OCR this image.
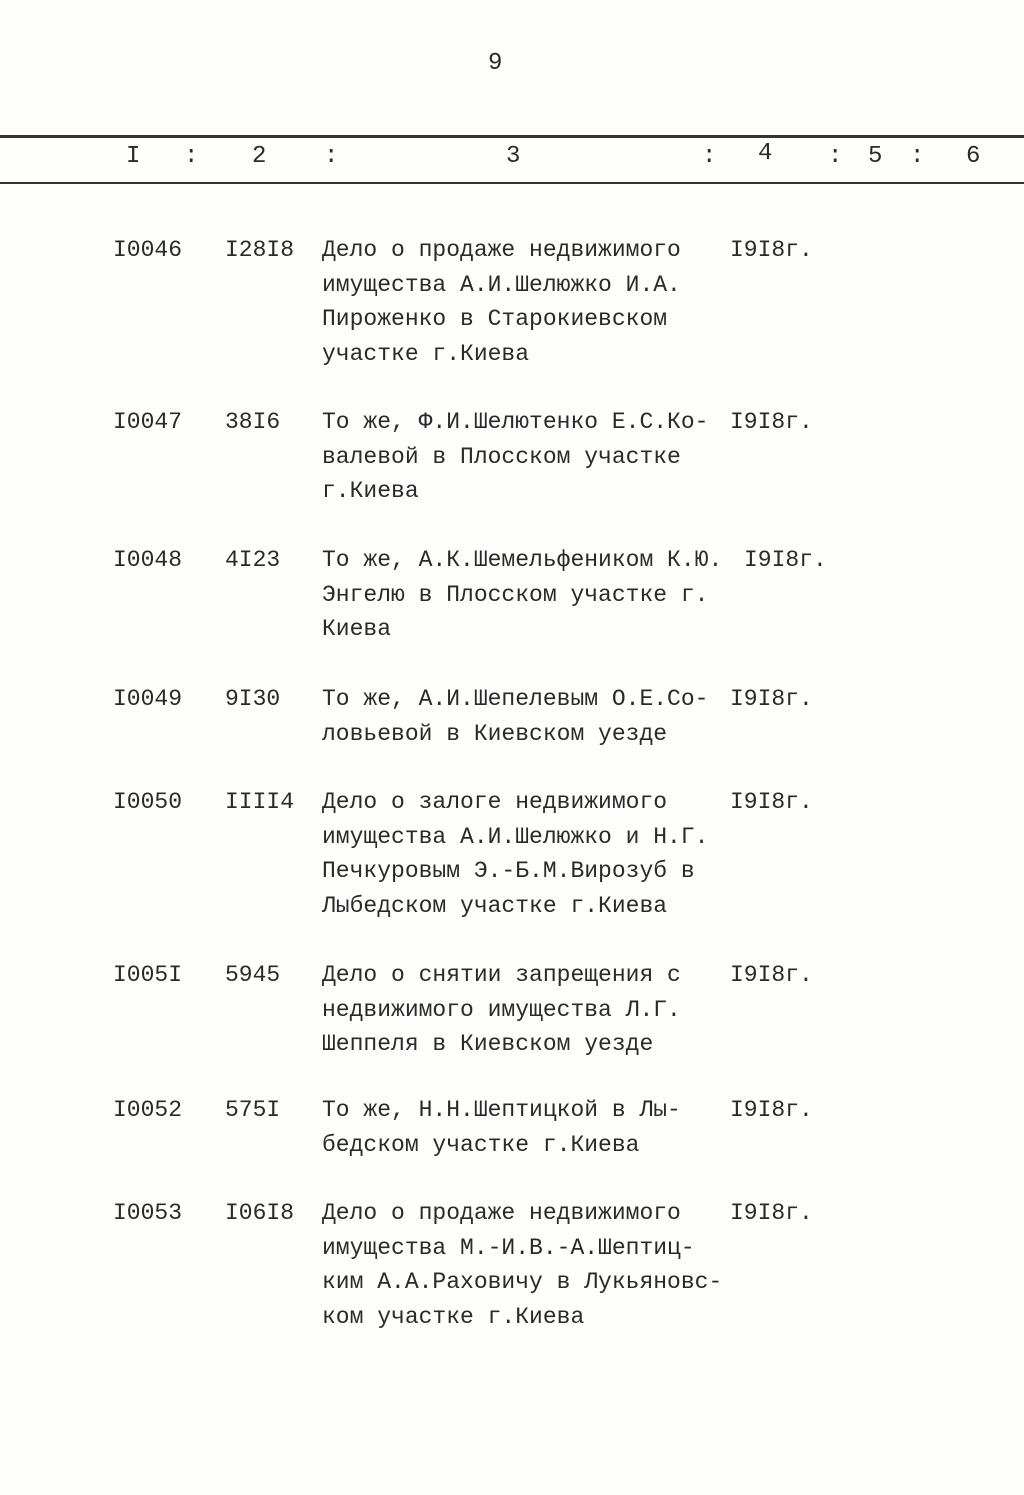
9
I : 2 :	3	: 4 : 5 : 6
I0046 I28I8 Дело о продаже недвижимого
имущества А.И.Шелюжко И.А.
Пироженко в Старокиевском
участке г.Киева
I9I8г.
I0047 38I6 То же, Ф.И.Шелютенко Е.С.Ко-
валевой в Плосском участке
г.Киева
I9I8г.
I0048 4I23 То же, А.К.Шемельфеником К.Ю.
Энгелю в Плосском участке г.
Киева
I9I8г.
I0049 9I30 То же, А.И.Шепелевым О.Е.Со-
ловьевой в Киевском уезде
I9I8г.
I0050 IIII4 Дело о залоге недвижимого
имущества А.И.Шелюжко и Н.Г.
Печкуровым Э.-Б.М.Вирозуб в
Лыбедском участке г.Киева
I9I8г.
I005I 5945 Дело о снятии запрещения с
недвижимого имущества Л.Г.
Шеппеля в Киевском уезде
I9I8г.
I0052 575I То же, Н.Н.Шептицкой в Лы-
бедском участке г.Киева
I9I8г.
I0053 I06I8 Дело о продаже недвижимого
имущества М.-И.В.-А.Шептиц-
ким А.А.Раховичу в Лукьяновс-
ком участке г.Киева
I9I8г.
